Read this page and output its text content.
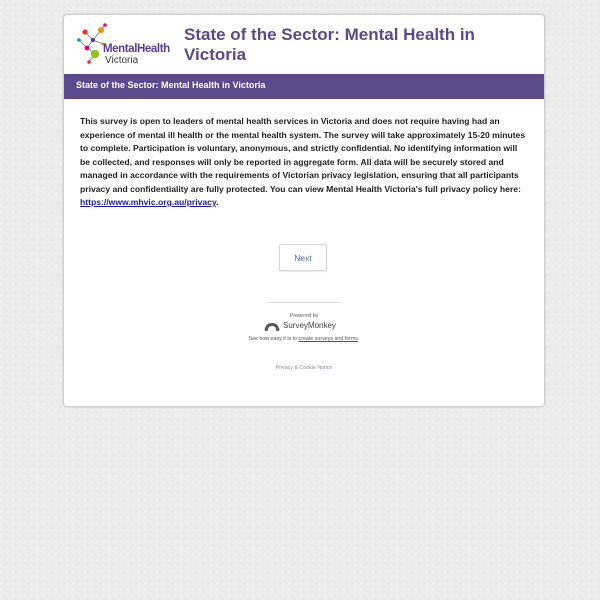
MentalHealth
Victoria
State of the Sector: Mental Health in Victoria
State of the Sector: Mental Health in Victoria
This survey is open to leaders of mental health services in Victoria and does not require having had an experience of mental ill health or the mental health system. The survey will take approximately 15-20 minutes to complete. Participation is voluntary, anonymous, and strictly confidential. No identifying information will be collected, and responses will only be reported in aggregate form. All data will be securely stored and managed in accordance with the requirements of Victorian privacy legislation, ensuring that all participants privacy and confidentiality are fully protected. You can view Mental Health Victoria's full privacy policy here: https://www.mhvic.org.au/privacy.
Next
Powered by
SurveyMonkey
See how easy it is to create surveys and forms.
Privacy & Cookie Notice
